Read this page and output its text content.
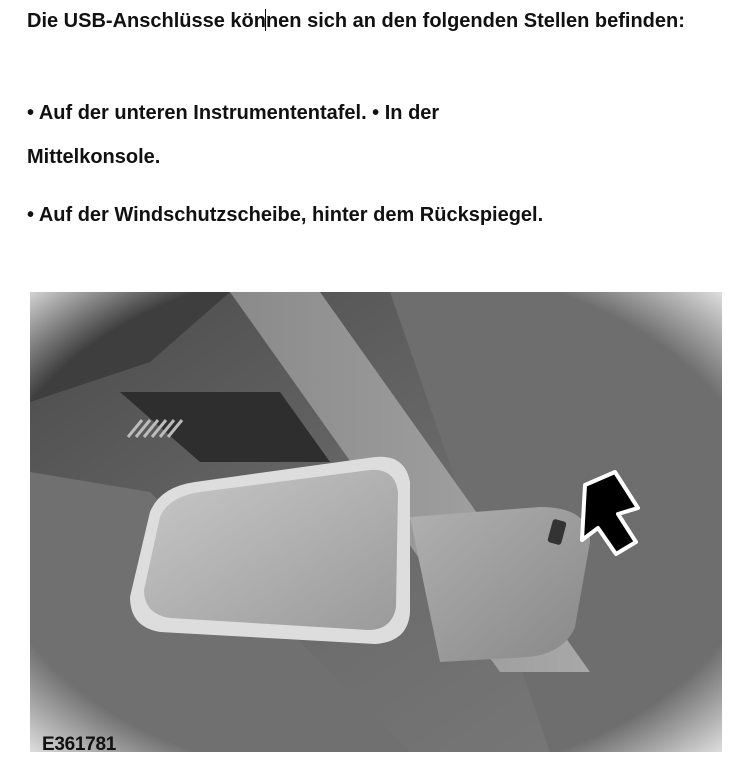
Die USB-Anschlüsse können sich an den folgenden Stellen befinden:

• Auf der unteren Instrumententafel. • In der

Mittelkonsole.

• Auf der Windschutzscheibe, hinter dem Rückspiegel.

E361781
